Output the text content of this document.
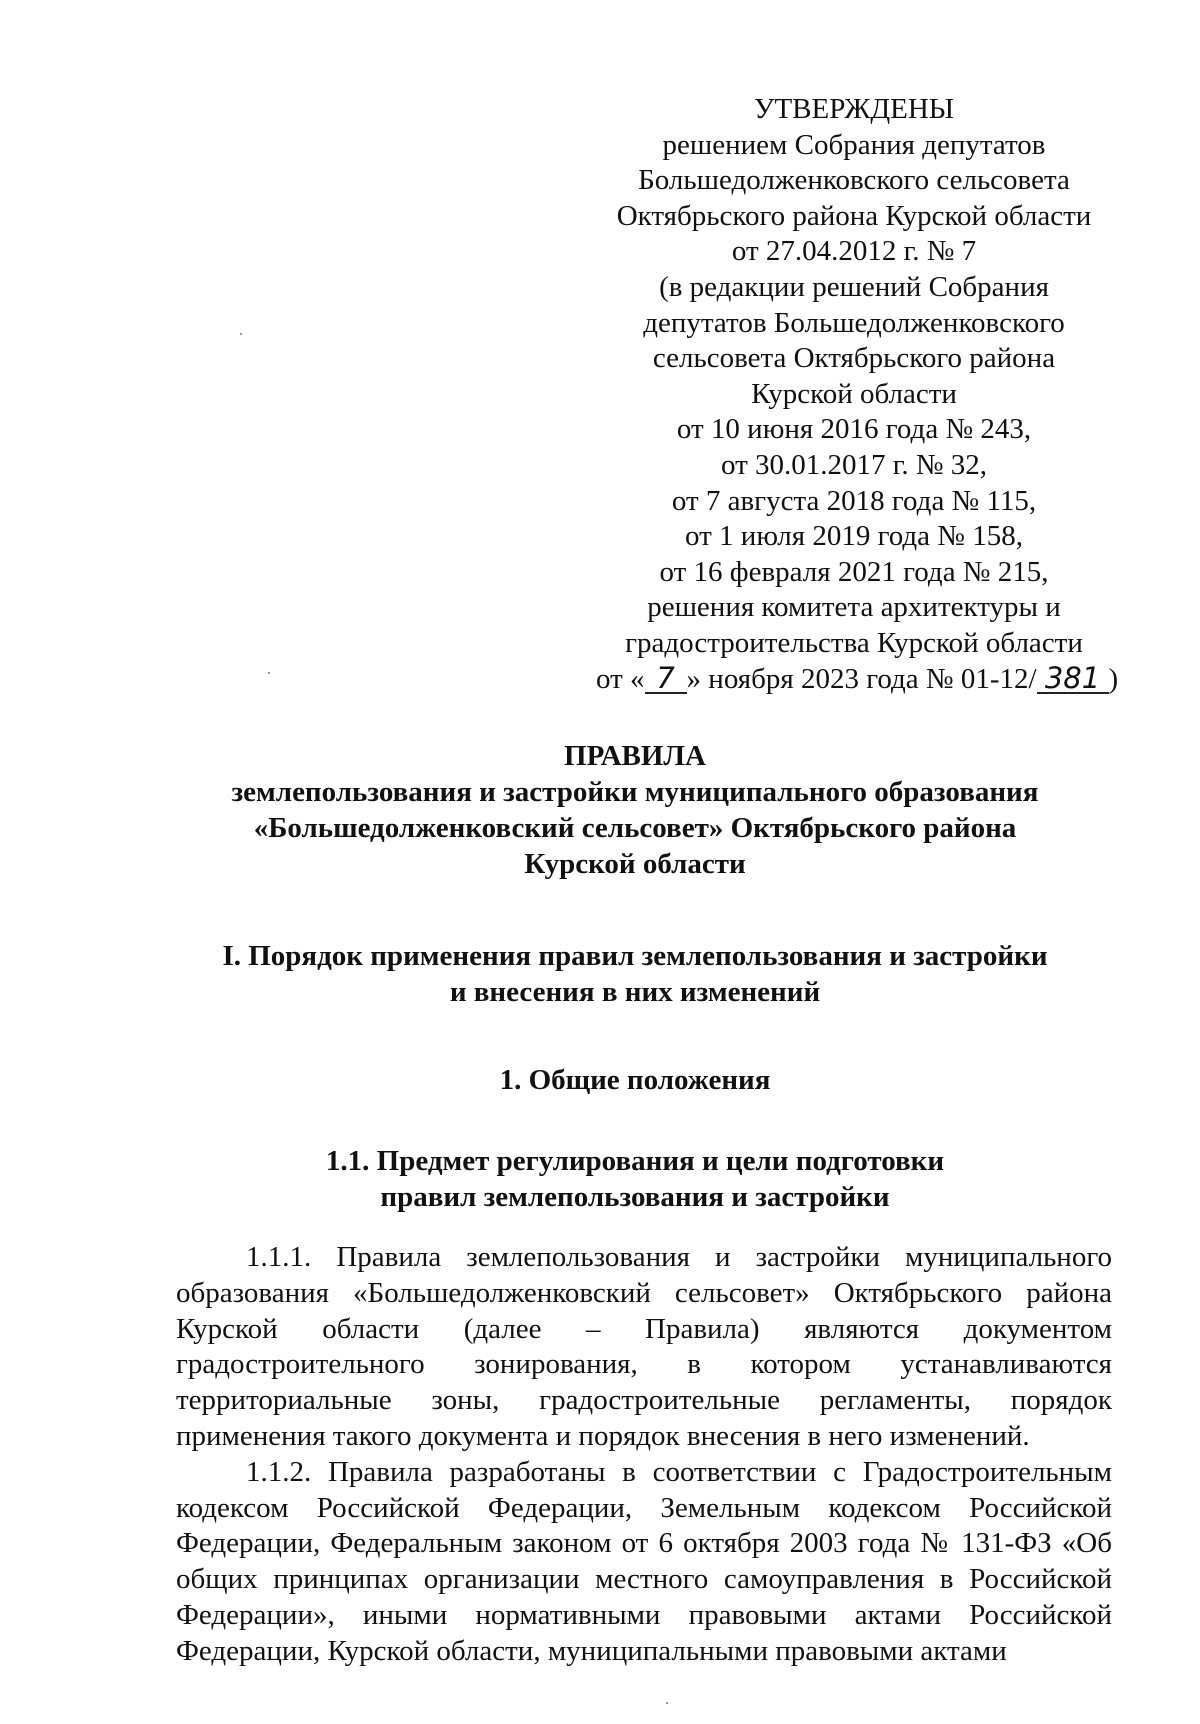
УТВЕРЖДЕНЫ
решением Собрания депутатов
Большедолженковского сельсовета
Октябрьского района Курской области
от 27.04.2012 г. № 7
(в редакции решений Собрания
депутатов Большедолженковского
сельсовета Октябрьского района
Курской области
от 10 июня 2016 года № 243,
от 30.01.2017 г. № 32,
от 7 августа 2018 года № 115,
от 1 июля 2019 года № 158,
от 16 февраля 2021 года № 215,
решения комитета архитектуры и
градостроительства Курской области
от « 7 » ноября 2023 года № 01-12/ 381 )
ПРАВИЛА
землепользования и застройки муниципального образования
«Большедолженковский сельсовет» Октябрьского района
Курской области
I. Порядок применения правил землепользования и застройки
и внесения в них изменений
1. Общие положения
1.1. Предмет регулирования и цели подготовки
правил землепользования и застройки

1.1.1. Правила землепользования и застройки муниципального образования «Большедолженковский сельсовет» Октябрьского района Курской области (далее – Правила) являются документом градостроительного зонирования, в котором устанавливаются территориальные зоны, градостроительные регламенты, порядок применения такого документа и порядок внесения в него изменений.

1.1.2. Правила разработаны в соответствии с Градостроительным кодексом Российской Федерации, Земельным кодексом Российской Федерации, Федеральным законом от 6 октября 2003 года № 131-ФЗ «Об общих принципах организации местного самоуправления в Российской Федерации», иными нормативными правовыми актами Российской Федерации, Курской области, муниципальными правовыми актами
